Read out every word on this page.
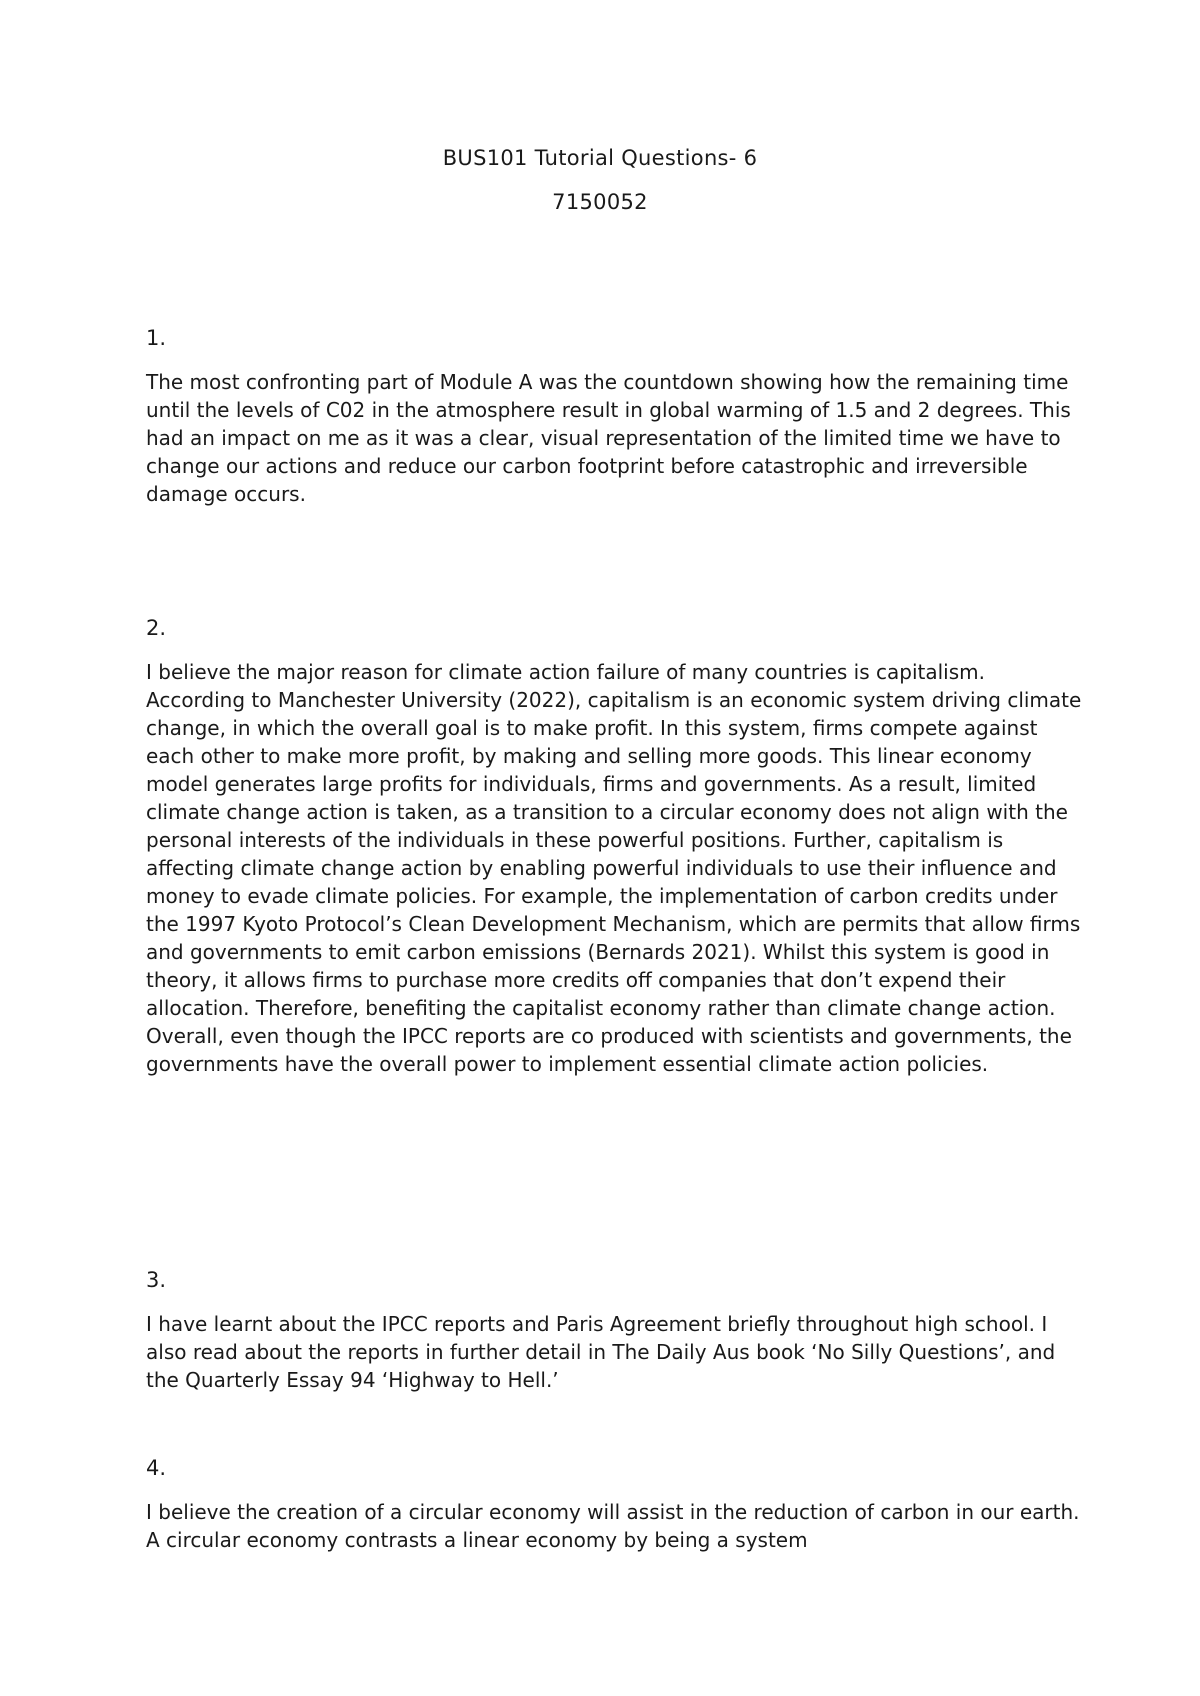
BUS101 Tutorial Questions- 6
7150052

1.

The most confronting part of Module A was the countdown showing how the remaining time until the levels of C02 in the atmosphere result in global warming of 1.5 and 2 degrees. This had an impact on me as it was a clear, visual representation of the limited time we have to change our actions and reduce our carbon footprint before catastrophic and irreversible damage occurs.

2.

I believe the major reason for climate action failure of many countries is capitalism. According to Manchester University (2022), capitalism is an economic system driving climate change, in which the overall goal is to make profit. In this system, firms compete against each other to make more profit, by making and selling more goods. This linear economy model generates large profits for individuals, firms and governments. As a result, limited climate change action is taken, as a transition to a circular economy does not align with the personal interests of the individuals in these powerful positions. Further, capitalism is affecting climate change action by enabling powerful individuals to use their influence and money to evade climate policies. For example, the implementation of carbon credits under the 1997 Kyoto Protocol’s Clean Development Mechanism, which are permits that allow firms and governments to emit carbon emissions (Bernards 2021). Whilst this system is good in theory, it allows firms to purchase more credits off companies that don’t expend their allocation. Therefore, benefiting the capitalist economy rather than climate change action. Overall, even though the IPCC reports are co produced with scientists and governments, the governments have the overall power to implement essential climate action policies.

3.

I have learnt about the IPCC reports and Paris Agreement briefly throughout high school. I also read about the reports in further detail in The Daily Aus book ‘No Silly Questions’, and the Quarterly Essay 94 ‘Highway to Hell.’

4.

I believe the creation of a circular economy will assist in the reduction of carbon in our earth. A circular economy contrasts a linear economy by being a system
